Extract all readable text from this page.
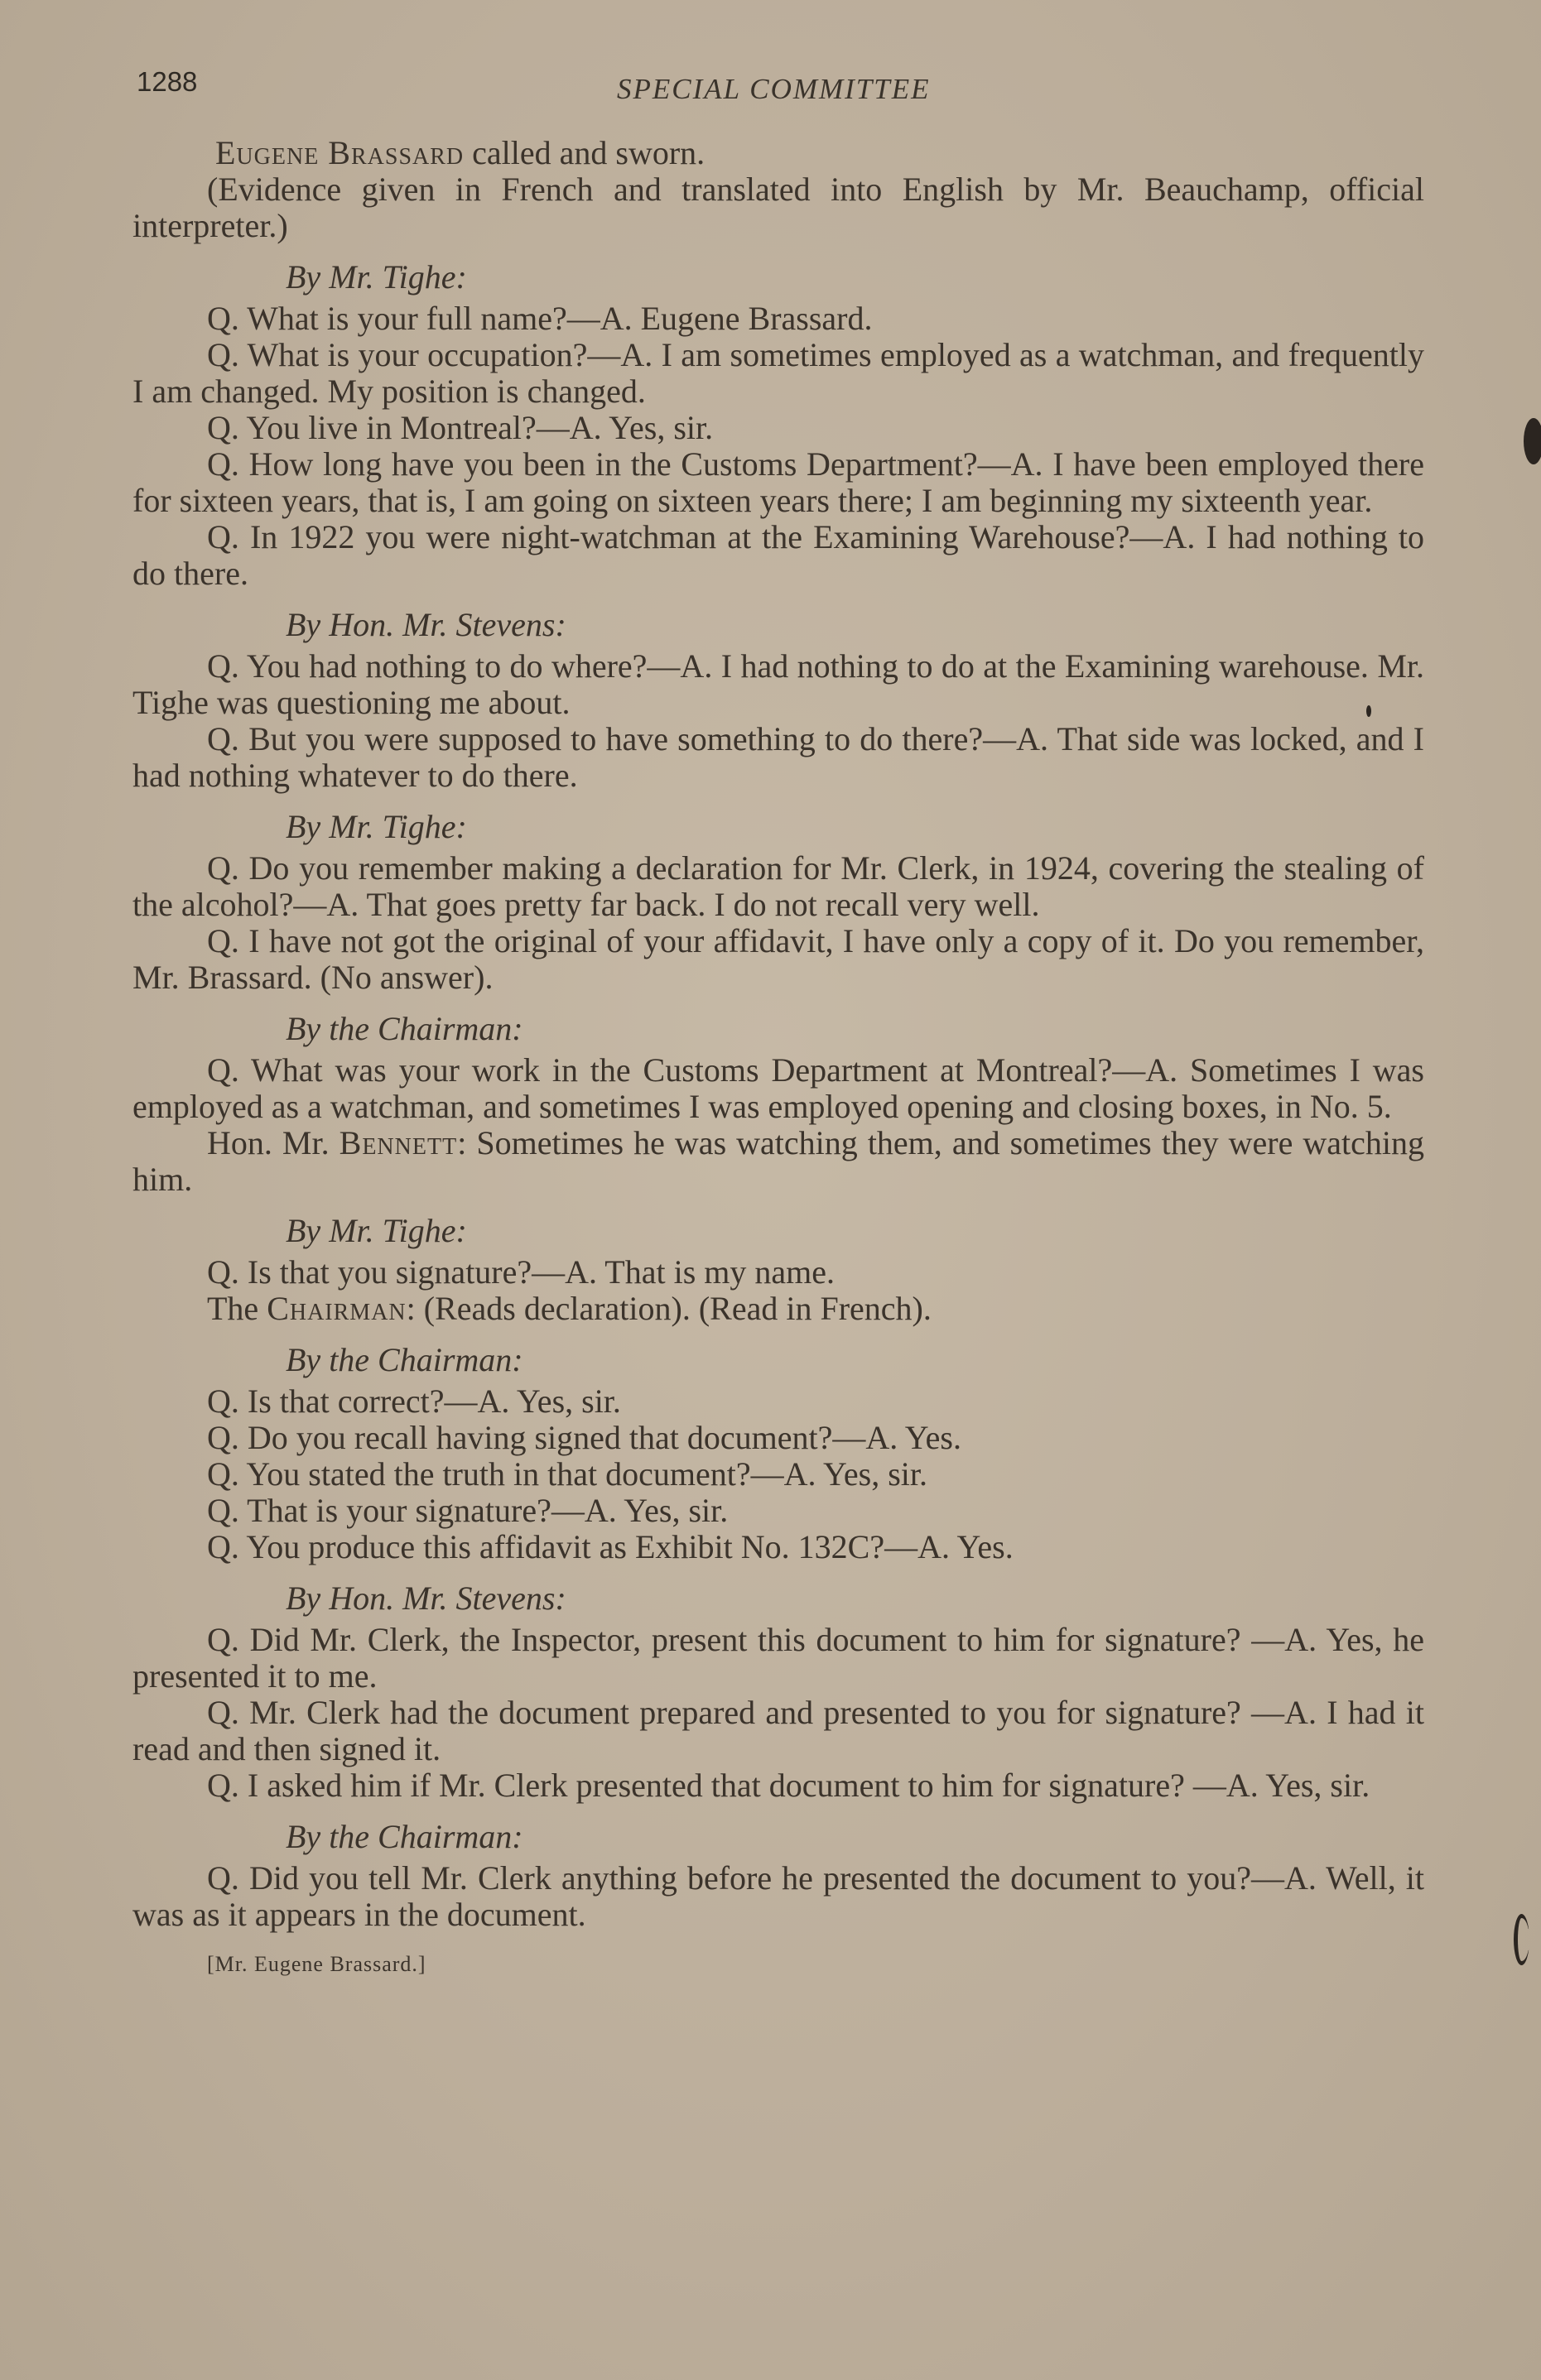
1288	SPECIAL COMMITTEE

Eugene Brassard called and sworn.

(Evidence given in French and translated into English by Mr. Beauchamp, official interpreter.)

By Mr. Tighe:

Q. What is your full name?—A. Eugene Brassard.

Q. What is your occupation?—A. I am sometimes employed as a watchman, and frequently I am changed. My position is changed.

Q. You live in Montreal?—A. Yes, sir.

Q. How long have you been in the Customs Department?—A. I have been employed there for sixteen years, that is, I am going on sixteen years there; I am beginning my sixteenth year.

Q. In 1922 you were night-watchman at the Examining Warehouse?—A. I had nothing to do there.

By Hon. Mr. Stevens:

Q. You had nothing to do where?—A. I had nothing to do at the Examining warehouse. Mr. Tighe was questioning me about.

Q. But you were supposed to have something to do there?—A. That side was locked, and I had nothing whatever to do there.

By Mr. Tighe:

Q. Do you remember making a declaration for Mr. Clerk, in 1924, covering the stealing of the alcohol?—A. That goes pretty far back. I do not recall very well.

Q. I have not got the original of your affidavit, I have only a copy of it. Do you remember, Mr. Brassard. (No answer).

By the Chairman:

Q. What was your work in the Customs Department at Montreal?—A. Sometimes I was employed as a watchman, and sometimes I was employed opening and closing boxes, in No. 5.

Hon. Mr. Bennett: Sometimes he was watching them, and sometimes they were watching him.

By Mr. Tighe:

Q. Is that you signature?—A. That is my name.

The Chairman: (Reads declaration). (Read in French).

By the Chairman:

Q. Is that correct?—A. Yes, sir.

Q. Do you recall having signed that document?—A. Yes.

Q. You stated the truth in that document?—A. Yes, sir.

Q. That is your signature?—A. Yes, sir.

Q. You produce this affidavit as Exhibit No. 132C?—A. Yes.

By Hon. Mr. Stevens:

Q. Did Mr. Clerk, the Inspector, present this document to him for signature? —A. Yes, he presented it to me.

Q. Mr. Clerk had the document prepared and presented to you for signature? —A. I had it read and then signed it.

Q. I asked him if Mr. Clerk presented that document to him for signature? —A. Yes, sir.

By the Chairman:

Q. Did you tell Mr. Clerk anything before he presented the document to you?—A. Well, it was as it appears in the document.

[Mr. Eugene Brassard.]
